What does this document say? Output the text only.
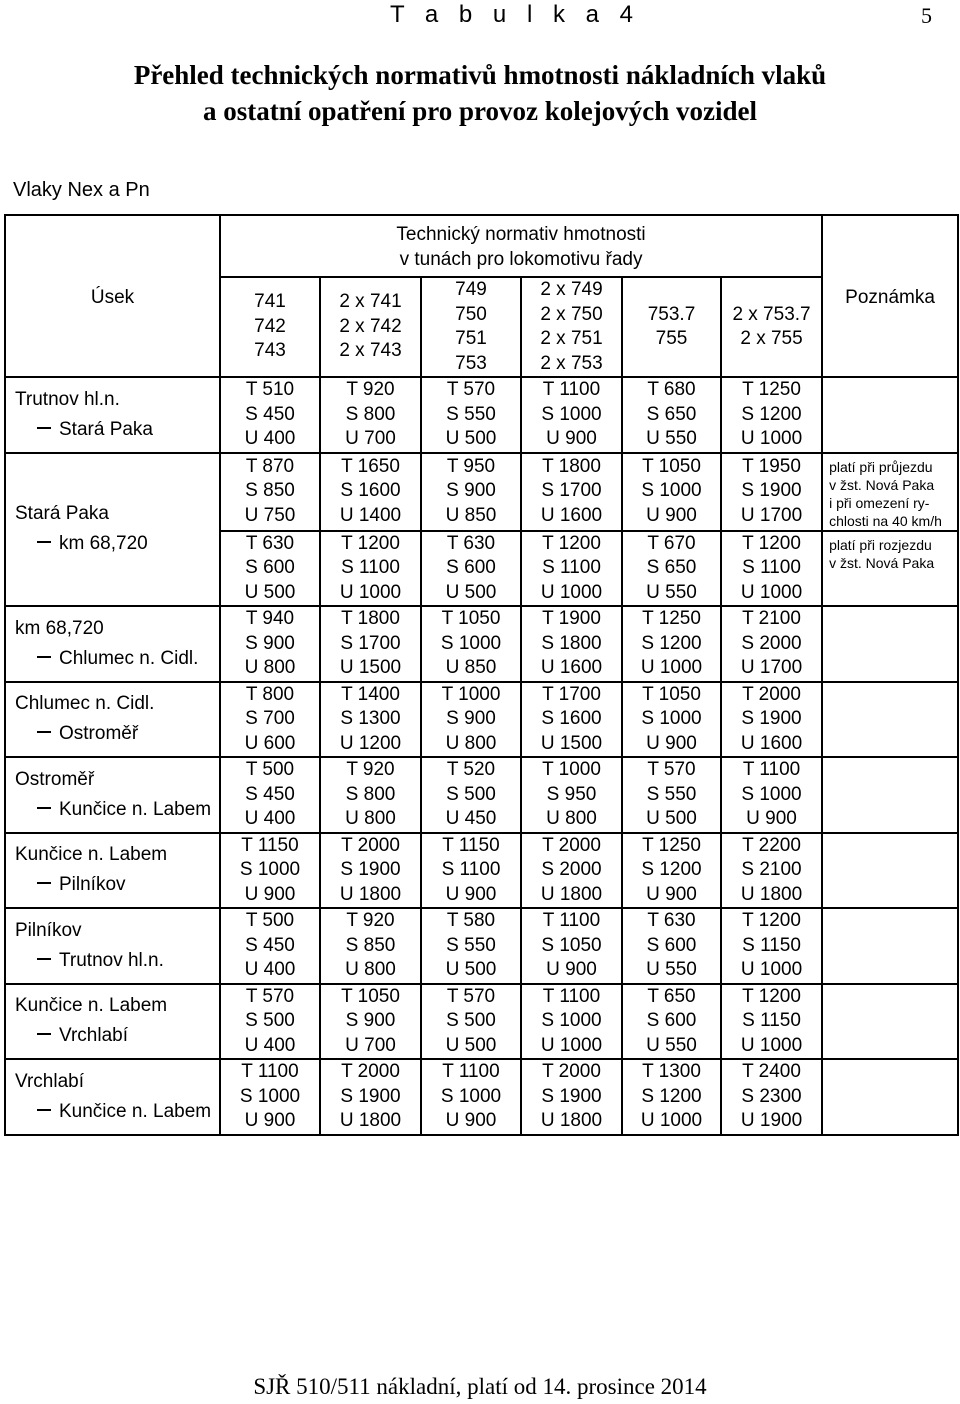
T a b u l k a 4	5
Přehled technických normativů hmotnosti nákladních vlaků
a ostatní opatření pro provoz kolejových vozidel
Vlaky Nex a Pn
Úsek	Technický normativ hmotnosti
v tunách pro lokomotivu řady						Poznámka

	741
742
743	2 x 741
2 x 742
2 x 743	749
750
751
753	2 x 749
2 x 750
2 x 751
2 x 753	753.7
755	2 x 753.7
2 x 755	

Trutnov hl.n.
Stará Paka	T 510
S 450
U 400	T 920
S 800
U 700	T 570
S 550
U 500	T 1100
S 1000
U 900	T 680
S 650
U 550	T 1250
S 1200
U 1000	

Stará Paka
km 68,720	T 870
S 850
U 750	T 1650
S 1600
U 1400	T 950
S 900
U 850	T 1800
S 1700
U 1600	T 1050
S 1000
U 900	T 1950
S 1900
U 1700	platí při průjezdu
v žst. Nová Paka
i při omezení ry-
chlosti na 40 km/h

	T 630
S 600
U 500	T 1200
S 1100
U 1000	T 630
S 600
U 500	T 1200
S 1100
U 1000	T 670
S 650
U 550	T 1200
S 1100
U 1000	platí při rozjezdu
v žst. Nová Paka

km 68,720
Chlumec n. Cidl.	T 940
S 900
U 800	T 1800
S 1700
U 1500	T 1050
S 1000
U 850	T 1900
S 1800
U 1600	T 1250
S 1200
U 1000	T 2100
S 2000
U 1700	

Chlumec n. Cidl.
Ostroměř	T 800
S 700
U 600	T 1400
S 1300
U 1200	T 1000
S 900
U 800	T 1700
S 1600
U 1500	T 1050
S 1000
U 900	T 2000
S 1900
U 1600	

Ostroměř
Kunčice n. Labem	T 500
S 450
U 400	T 920
S 800
U 800	T 520
S 500
U 450	T 1000
S 950
U 800	T 570
S 550
U 500	T 1100
S 1000
U 900	

Kunčice n. Labem
Pilníkov	T 1150
S 1000
U 900	T 2000
S 1900
U 1800	T 1150
S 1100
U 900	T 2000
S 2000
U 1800	T 1250
S 1200
U 900	T 2200
S 2100
U 1800	

Pilníkov
Trutnov hl.n.	T 500
S 450
U 400	T 920
S 850
U 800	T 580
S 550
U 500	T 1100
S 1050
U 900	T 630
S 600
U 550	T 1200
S 1150
U 1000	

Kunčice n. Labem
Vrchlabí	T 570
S 500
U 400	T 1050
S 900
U 700	T 570
S 500
U 500	T 1100
S 1000
U 1000	T 650
S 600
U 550	T 1200
S 1150
U 1000	

Vrchlabí
Kunčice n. Labem	T 1100
S 1000
U 900	T 2000
S 1900
U 1800	T 1100
S 1000
U 900	T 2000
S 1900
U 1800	T 1300
S 1200
U 1000	T 2400
S 2300
U 1900	

SJŘ 510/511 nákladní, platí od 14. prosince 2014
